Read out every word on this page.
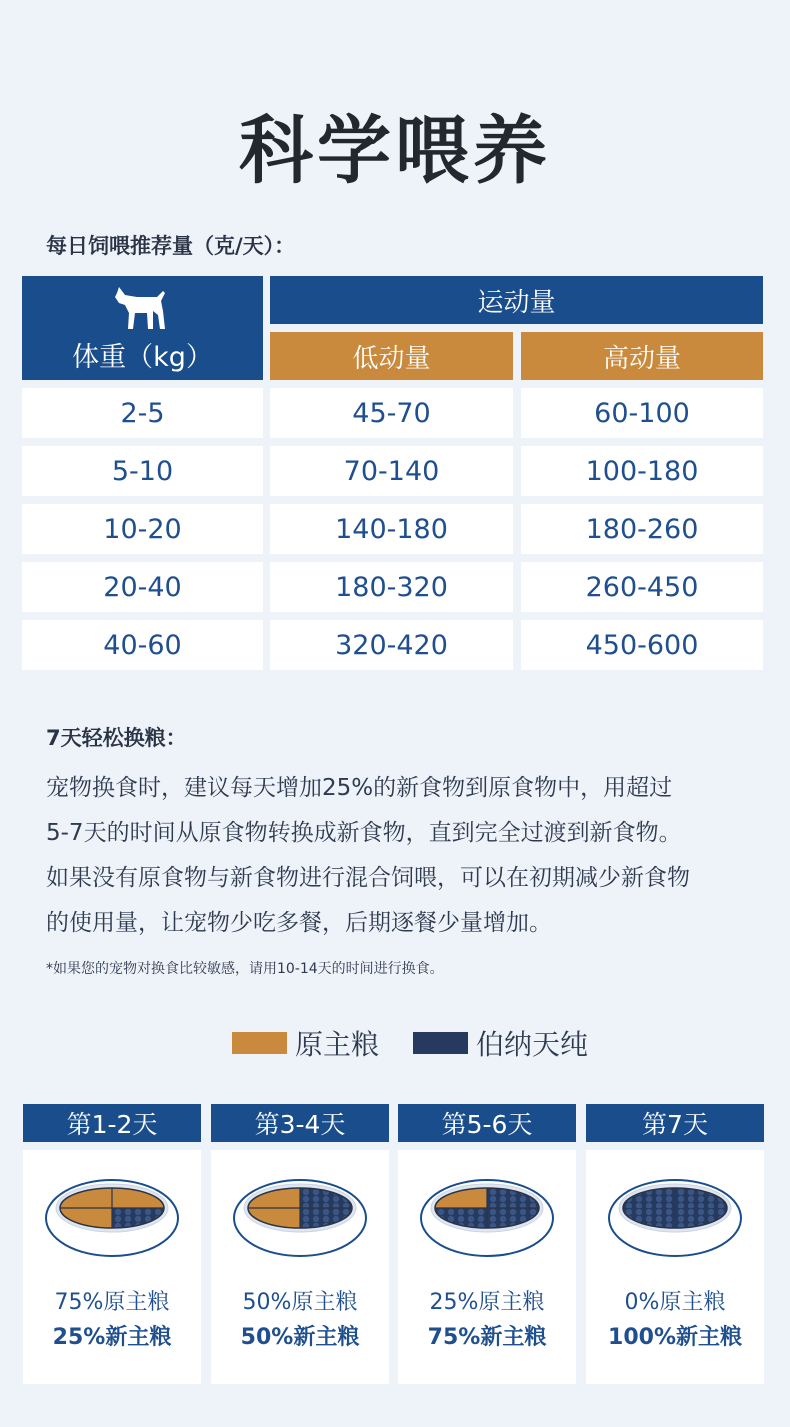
科学喂养
每日饲喂推荐量（克/天）：
体重（kg）
运动量
低动量	高动量
2-5	45-70	60-100
5-10	70-140	100-180
10-20	140-180	180-260
20-40	180-320	260-450
40-60	320-420	450-600
7天轻松换粮：
宠物换食时，建议每天增加25%的新食物到原食物中，用超过
5-7天的时间从原食物转换成新食物，直到完全过渡到新食物。
如果没有原食物与新食物进行混合饲喂，可以在初期减少新食物
的使用量，让宠物少吃多餐，后期逐餐少量增加。
*如果您的宠物对换食比较敏感，请用10-14天的时间进行换食。
原主粮	伯纳天纯
第1-2天
75%原主粮
25%新主粮
第3-4天
50%原主粮
50%新主粮
第5-6天
25%原主粮
75%新主粮
第7天
0%原主粮
100%新主粮
